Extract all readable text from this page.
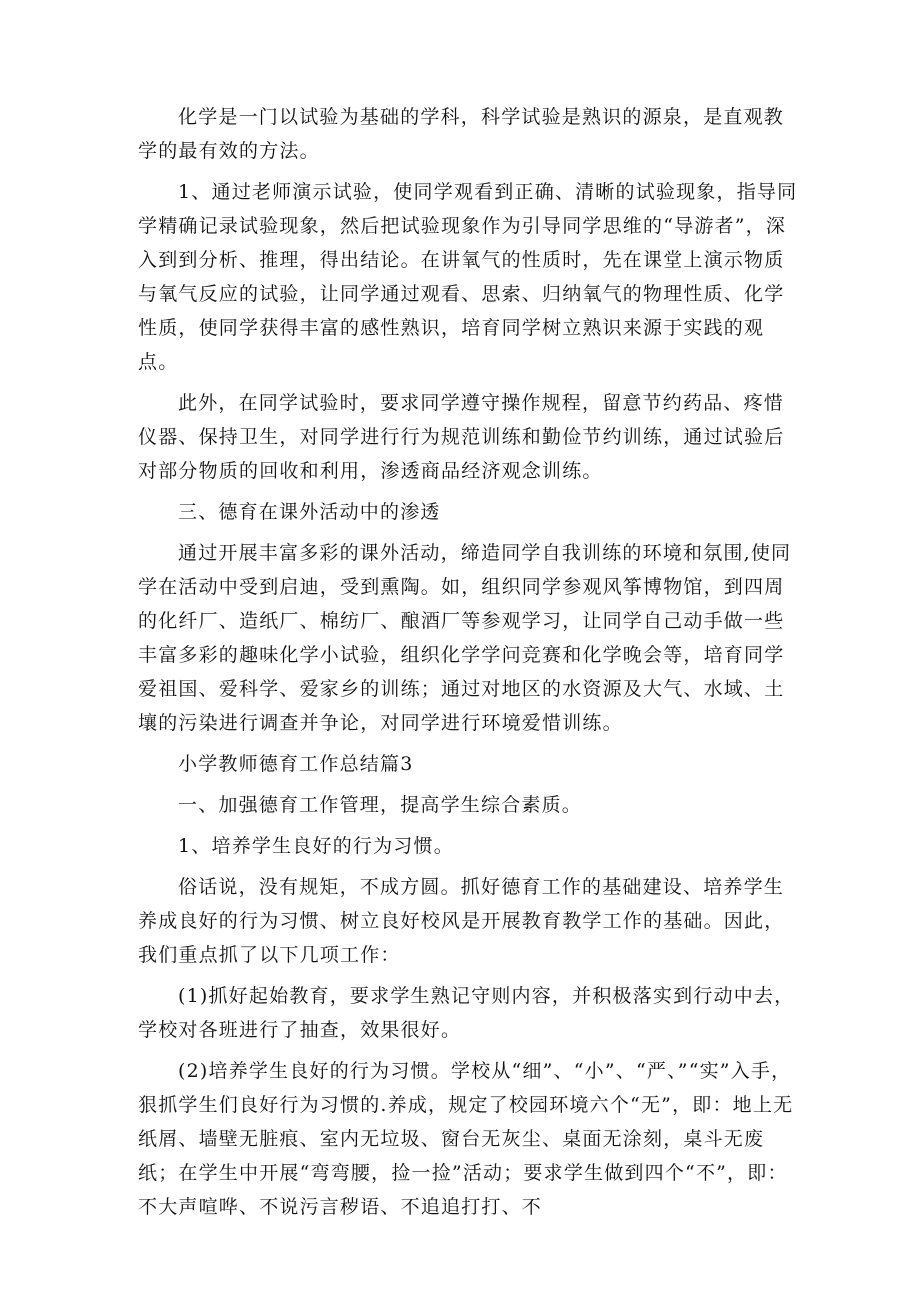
化学是一门以试验为基础的学科，科学试验是熟识的源泉，是直观教学的最有效的方法。

1、通过老师演示试验，使同学观看到正确、清晰的试验现象，指导同学精确记录试验现象，然后把试验现象作为引导同学思维的“导游者”，深入到到分析、推理，得出结论。在讲氧气的性质时，先在课堂上演示物质与氧气反应的试验，让同学通过观看、思索、归纳氧气的物理性质、化学性质，使同学获得丰富的感性熟识，培育同学树立熟识来源于实践的观点。

此外，在同学试验时，要求同学遵守操作规程，留意节约药品、疼惜仪器、保持卫生，对同学进行行为规范训练和勤俭节约训练，通过试验后对部分物质的回收和利用，渗透商品经济观念训练。

三、德育在课外活动中的渗透

通过开展丰富多彩的课外活动，缔造同学自我训练的环境和氛围,使同学在活动中受到启迪，受到熏陶。如，组织同学参观风筝博物馆，到四周的化纤厂、造纸厂、棉纺厂、酿酒厂等参观学习，让同学自己动手做一些丰富多彩的趣味化学小试验，组织化学学问竞赛和化学晚会等，培育同学爱祖国、爱科学、爱家乡的训练；通过对地区的水资源及大气、水域、土壤的污染进行调查并争论，对同学进行环境爱惜训练。

小学教师德育工作总结篇3

一、加强德育工作管理，提高学生综合素质。

1、培养学生良好的行为习惯。

俗话说，没有规矩，不成方圆。抓好德育工作的基础建设、培养学生养成良好的行为习惯、树立良好校风是开展教育教学工作的基础。因此，我们重点抓了以下几项工作：

(1)抓好起始教育，要求学生熟记守则内容，并积极落实到行动中去，学校对各班进行了抽查，效果很好。

(2)培养学生良好的行为习惯。学校从“细”、“小”、“严、”“实”入手，狠抓学生们良好行为习惯的.养成，规定了校园环境六个“无”，即：地上无纸屑、墙壁无脏痕、室内无垃圾、窗台无灰尘、桌面无涂刻，桌斗无废纸；在学生中开展“弯弯腰，捡一捡”活动；要求学生做到四个“不”，即：不大声喧哗、不说污言秽语、不追追打打、不
